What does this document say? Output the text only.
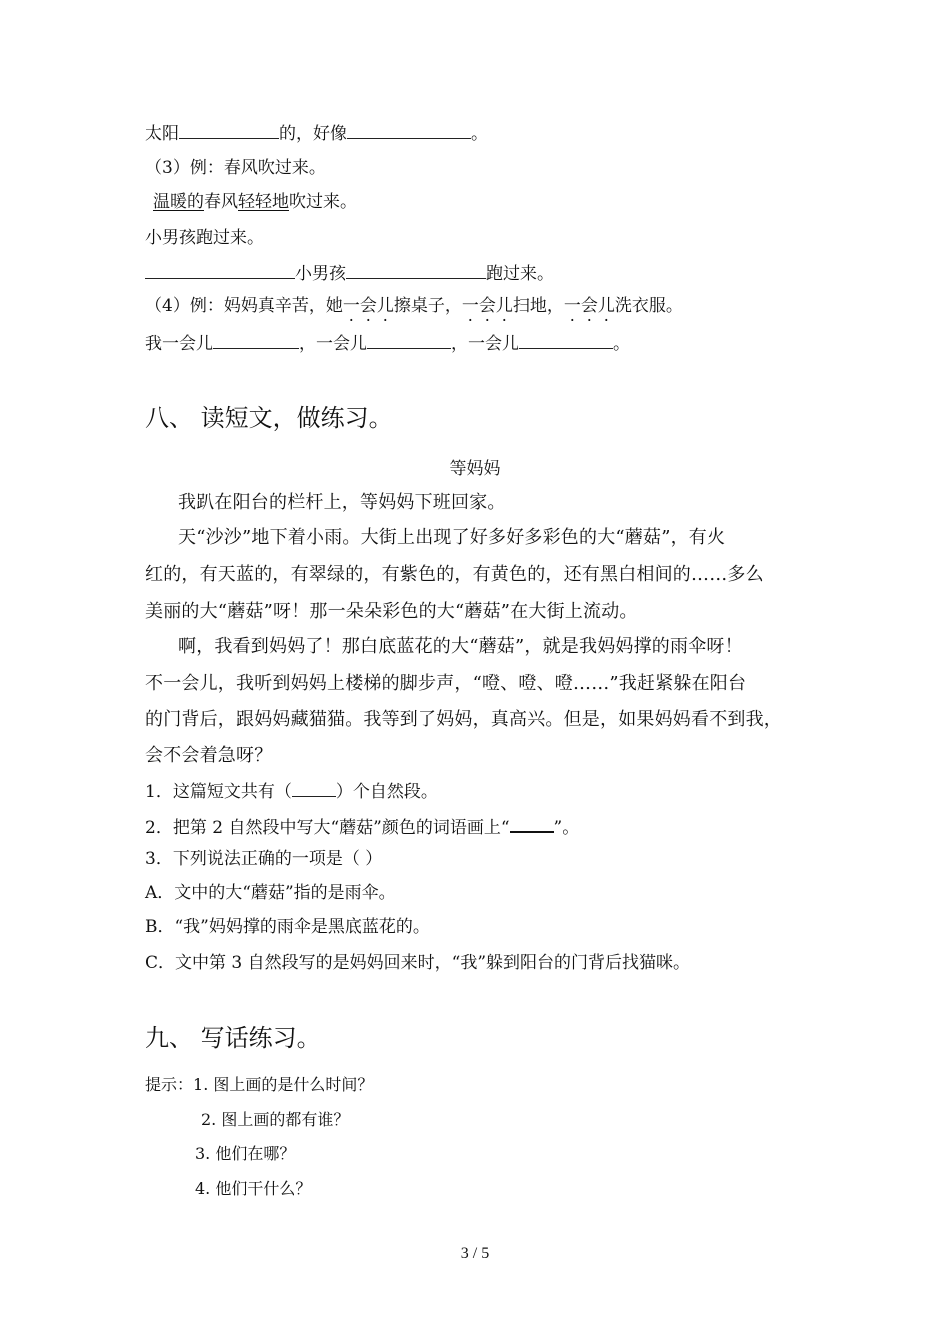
太阳	的，好像	。
（3）例：春风吹过来。
温暖的春风轻轻地吹过来。
小男孩跑过来。
小男孩	跑过来。
（4）例：妈妈真辛苦，她一会儿擦桌子，一会儿扫地，一会儿洗衣服。
我一会儿	，一会儿	，一会儿	。
八、 读短文，做练习。
等妈妈
我趴在阳台的栏杆上，等妈妈下班回家。
天“沙沙”地下着小雨。大街上出现了好多好多彩色的大“蘑菇”，有火
红的，有天蓝的，有翠绿的，有紫色的，有黄色的，还有黑白相间的……多么
美丽的大“蘑菇”呀！那一朵朵彩色的大“蘑菇”在大街上流动。
啊，我看到妈妈了！那白底蓝花的大“蘑菇”，就是我妈妈撑的雨伞呀！
不一会儿，我听到妈妈上楼梯的脚步声，“噔、噔、噔……”我赶紧躲在阳台
的门背后，跟妈妈藏猫猫。我等到了妈妈，真高兴。但是，如果妈妈看不到我，
会不会着急呀？
1．这篇短文共有（	）个自然段。
2．把第 2 自然段中写大“蘑菇”颜色的词语画上“	”。
3．下列说法正确的一项是（ ）
A．文中的大“蘑菇”指的是雨伞。
B．“我”妈妈撑的雨伞是黑底蓝花的。
C．文中第 3 自然段写的是妈妈回来时，“我”躲到阳台的门背后找猫咪。
九、 写话练习。
提示：1. 图上画的是什么时间？
2. 图上画的都有谁？
3. 他们在哪？
4. 他们干什么？
3 / 5
